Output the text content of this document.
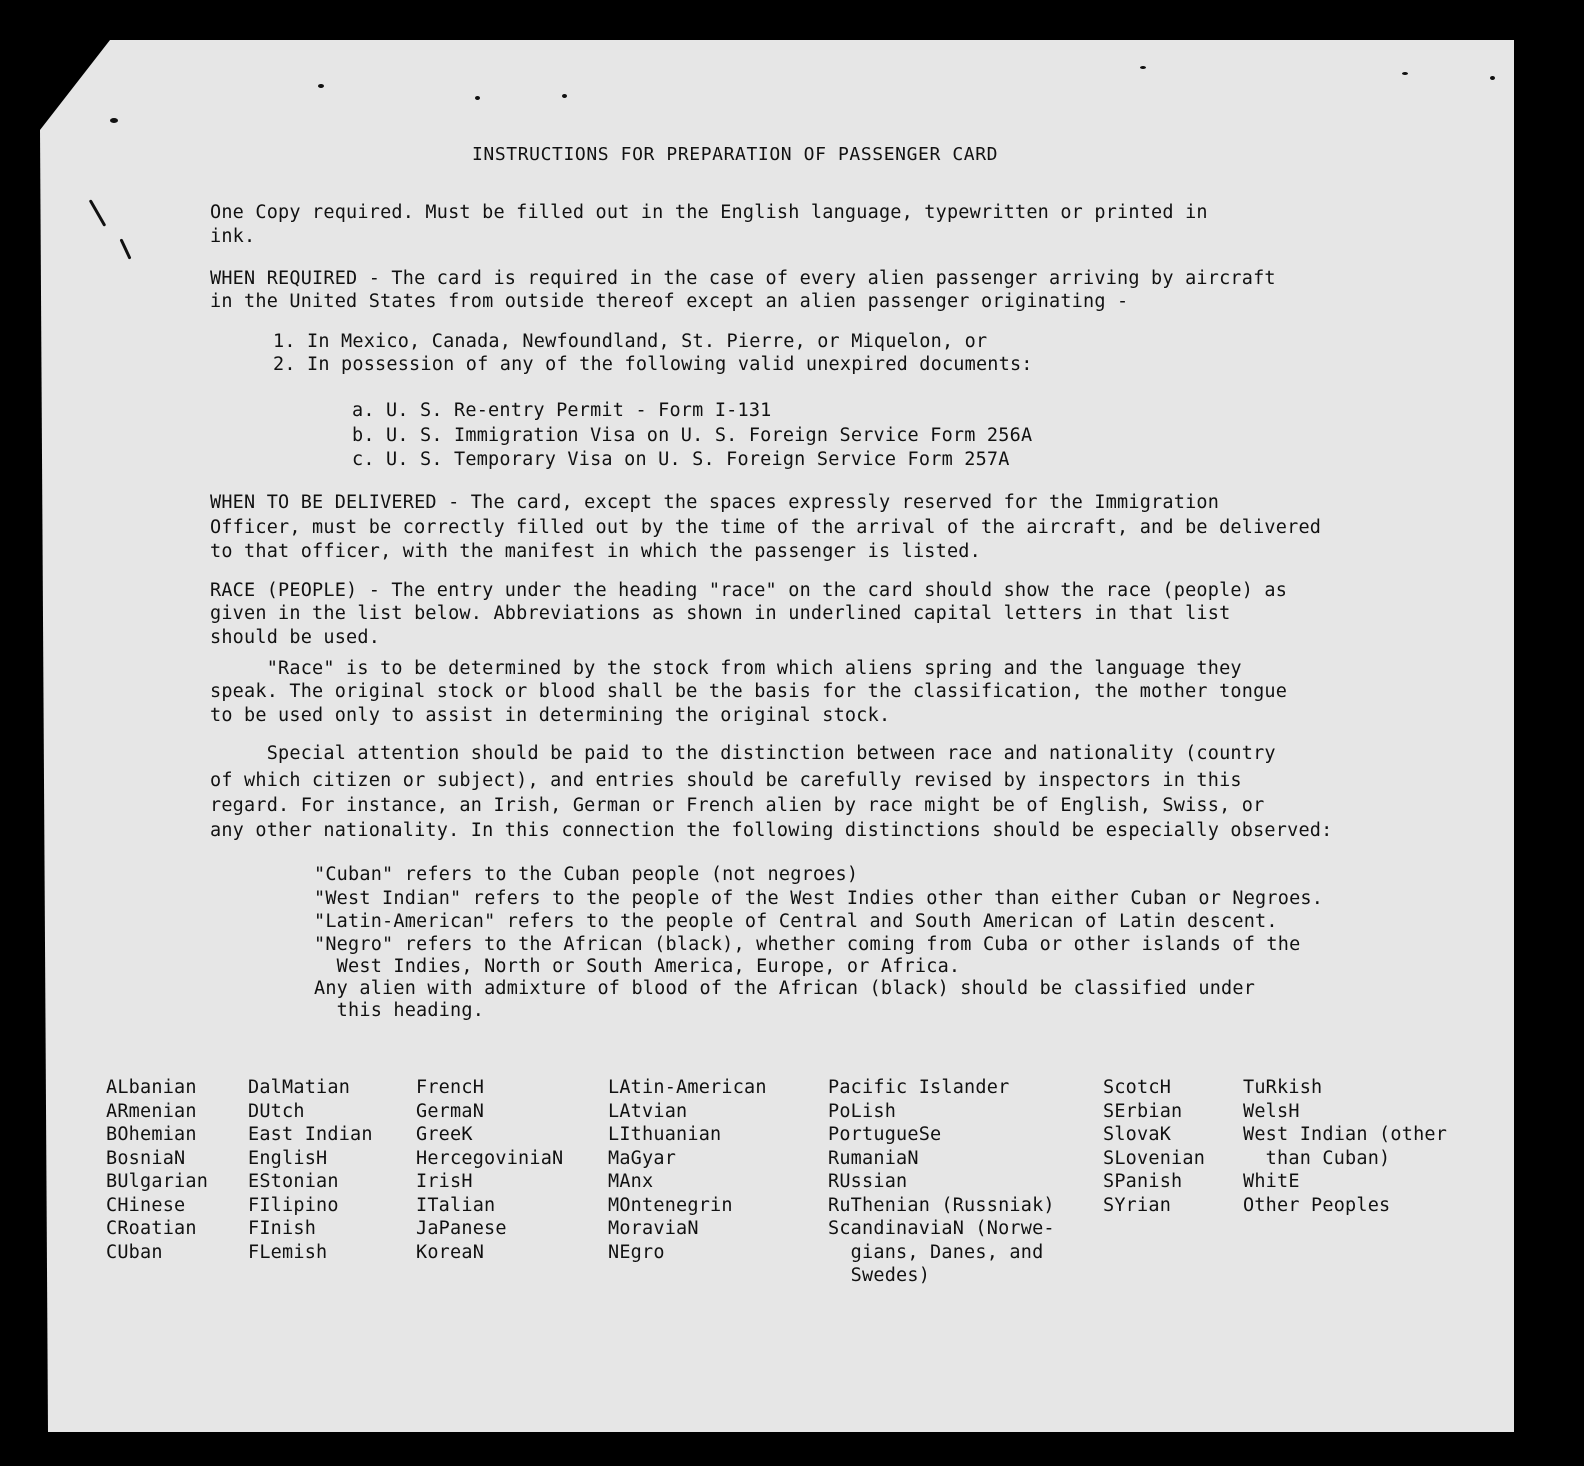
INSTRUCTIONS FOR PREPARATION OF PASSENGER CARD
One Copy required. Must be filled out in the English language, typewritten or printed in
ink.
WHEN REQUIRED - The card is required in the case of every alien passenger arriving by aircraft
in the United States from outside thereof except an alien passenger originating -
1. In Mexico, Canada, Newfoundland, St. Pierre, or Miquelon, or
2. In possession of any of the following valid unexpired documents:
a. U. S. Re-entry Permit - Form I-131
b. U. S. Immigration Visa on U. S. Foreign Service Form 256A
c. U. S. Temporary Visa on U. S. Foreign Service Form 257A
WHEN TO BE DELIVERED - The card, except the spaces expressly reserved for the Immigration
Officer, must be correctly filled out by the time of the arrival of the aircraft, and be delivered
to that officer, with the manifest in which the passenger is listed.
RACE (PEOPLE) - The entry under the heading "race" on the card should show the race (people) as
given in the list below. Abbreviations as shown in underlined capital letters in that list
should be used.
"Race" is to be determined by the stock from which aliens spring and the language they
speak. The original stock or blood shall be the basis for the classification, the mother tongue
to be used only to assist in determining the original stock.
Special attention should be paid to the distinction between race and nationality (country
of which citizen or subject), and entries should be carefully revised by inspectors in this
regard. For instance, an Irish, German or French alien by race might be of English, Swiss, or
any other nationality. In this connection the following distinctions should be especially observed:
"Cuban" refers to the Cuban people (not negroes)
"West Indian" refers to the people of the West Indies other than either Cuban or Negroes.
"Latin-American" refers to the people of Central and South American of Latin descent.
"Negro" refers to the African (black), whether coming from Cuba or other islands of the
West Indies, North or South America, Europe, or Africa.
Any alien with admixture of blood of the African (black) should be classified under
this heading.
ALbanian
ARmenian
BOhemian
BosniaN
BUlgarian
CHinese
CRoatian
CUban
DalMatian
DUtch
East Indian
EnglisH
EStonian
FIlipino
FInish
FLemish
FrencH
GermaN
GreeK
HercegoviniaN
IrisH
ITalian
JaPanese
KoreaN
LAtin-American
LAtvian
LIthuanian
MaGyar
MAnx
MOntenegrin
MoraviaN
NEgro
Pacific Islander
PoLish
PortugueSe
RumaniaN
RUssian
RuThenian (Russniak)
ScandinaviaN (Norwe-
gians, Danes, and
Swedes)
ScotcH
SErbian
SlovaK
SLovenian
SPanish
SYrian
TuRkish
WelsH
West Indian (other
than Cuban)
WhitE
Other Peoples
